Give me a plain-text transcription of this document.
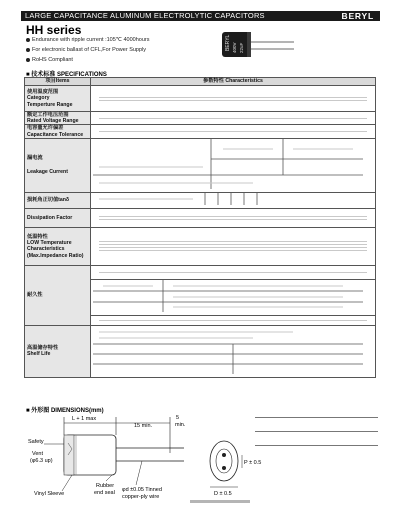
LARGE CAPACITANCE ALUMINUM ELECTROLYTIC CAPACITORS	BERYL
HH series
Endurance with ripple current :105℃ 4000hours
For electronic ballast of CFL,For Power Supply
RoHS Compliant
BERYL 400V 22uF
■ 技术标准 SPECIFICATIONS
项目Items	参数特性 Characteristics

使用温度范围
Category
Temperture Range	

额定工作电压范围
Rated Voltage Range	

电容量允许偏差
Capacitance Tolerance	

漏电流
Leakage Current

损耗角正切值tanδ

Dissipation Factor	

低温特性
LOW Temperature
Characteristics
(Max.Impedance Ratio)	

耐久性	

高温储存特性
Shelf Life

■ 外形图 DIMENSIONS(mm)
L + 1 max
15 min.
5
min.
Safety
Vent
(φ6.3 up)
Vinyl Sleeve
Rubber
end seal φd ±0.05 Tinned
copper-ply wire
P ± 0.5
D ± 0.5
